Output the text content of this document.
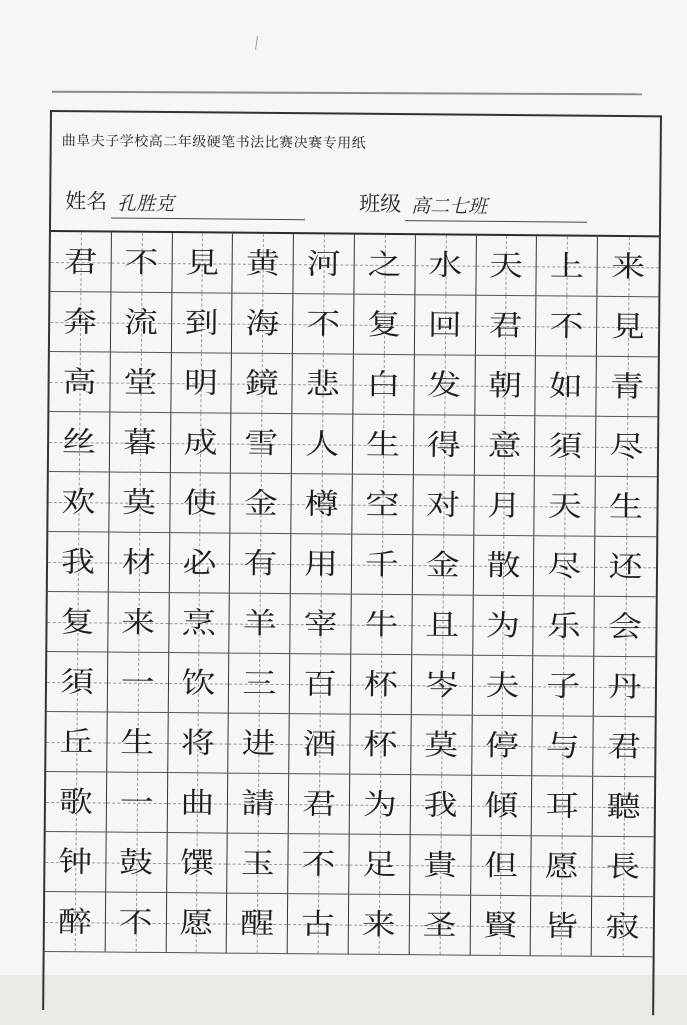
曲阜夫子学校高二年级硬笔书法比赛决赛专用纸
姓名 孔胜克	班级 高二七班
君 不 見 黄 河 之 水 天 上 来
奔 流 到 海 不 复 回 君 不 見
高 堂 明 鏡 悲 白 发 朝 如 青
丝 暮 成 雪 人 生 得 意 須 尽
欢 莫 使 金 樽 空 对 月 天 生
我 材 必 有 用 千 金 散 尽 还
复 来 烹 羊 宰 牛 且 为 乐 会
須 一 饮 三 百 杯 岑 夫 子 丹
丘 生 将 进 酒 杯 莫 停 与 君
歌 一 曲 請 君 为 我 傾 耳 聽
钟 鼓 馔 玉 不 足 貴 但 愿 長
醉 不 愿 醒 古 来 圣 賢 皆 寂
